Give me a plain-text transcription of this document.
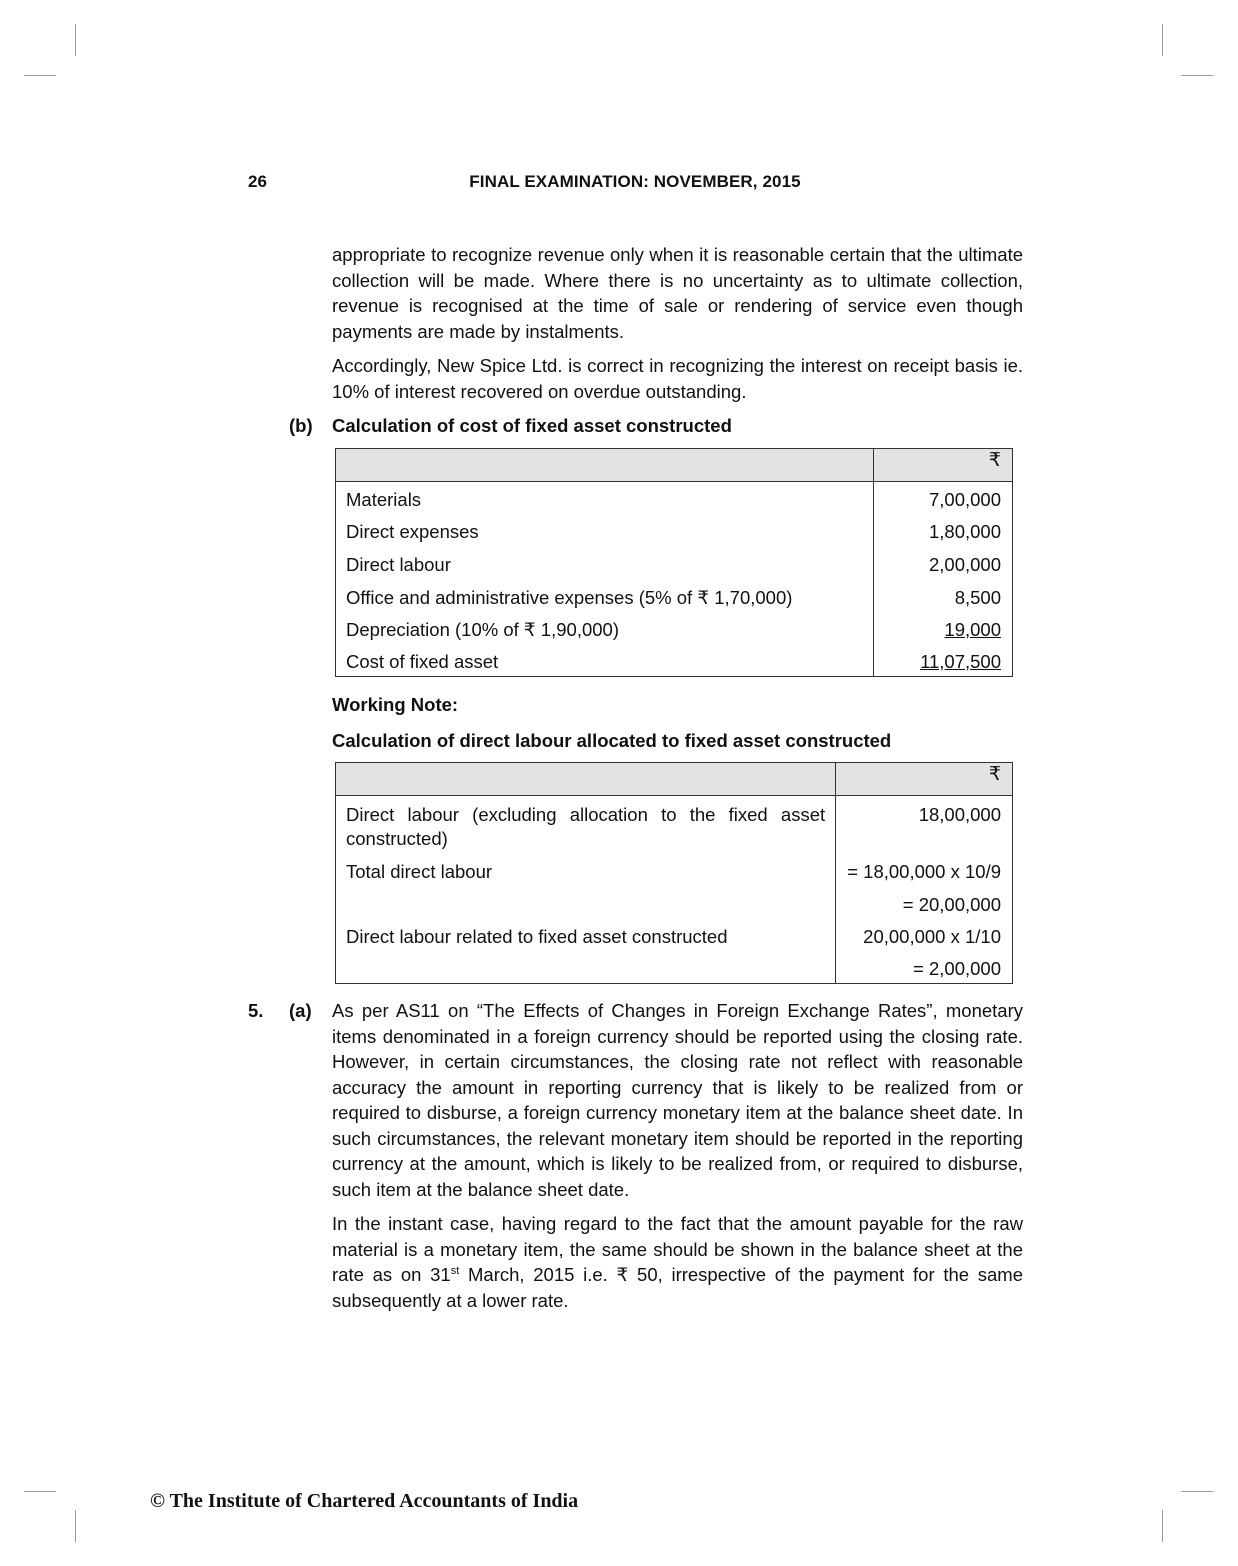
26	FINAL EXAMINATION: NOVEMBER, 2015

appropriate to recognize revenue only when it is reasonable certain that the ultimate collection will be made. Where there is no uncertainty as to ultimate collection, revenue is recognised at the time of sale or rendering of service even though payments are made by instalments.

Accordingly, New Spice Ltd. is correct in recognizing the interest on receipt basis ie. 10% of interest recovered on overdue outstanding.

(b) Calculation of cost of fixed asset constructed
	₹
Materials	7,00,000
Direct expenses	1,80,000
Direct labour	2,00,000
Office and administrative expenses (5% of ₹ 1,70,000)	8,500
Depreciation (10% of ₹ 1,90,000)	19,000
Cost of fixed asset	11,07,500
Working Note:
Calculation of direct labour allocated to fixed asset constructed
	₹
Direct labour (excluding allocation to the fixed asset constructed)	18,00,000
Total direct labour	= 18,00,000 x 10/9
	= 20,00,000
Direct labour related to fixed asset constructed	20,00,000 x 1/10
	= 2,00,000
5. (a) As per AS11 on “The Effects of Changes in Foreign Exchange Rates”, monetary items denominated in a foreign currency should be reported using the closing rate. However, in certain circumstances, the closing rate not reflect with reasonable accuracy the amount in reporting currency that is likely to be realized from or required to disburse, a foreign currency monetary item at the balance sheet date. In such circumstances, the relevant monetary item should be reported in the reporting currency at the amount, which is likely to be realized from, or required to disburse, such item at the balance sheet date.

In the instant case, having regard to the fact that the amount payable for the raw material is a monetary item, the same should be shown in the balance sheet at the rate as on 31st March, 2015 i.e. ₹ 50, irrespective of the payment for the same subsequently at a lower rate.

© The Institute of Chartered Accountants of India
